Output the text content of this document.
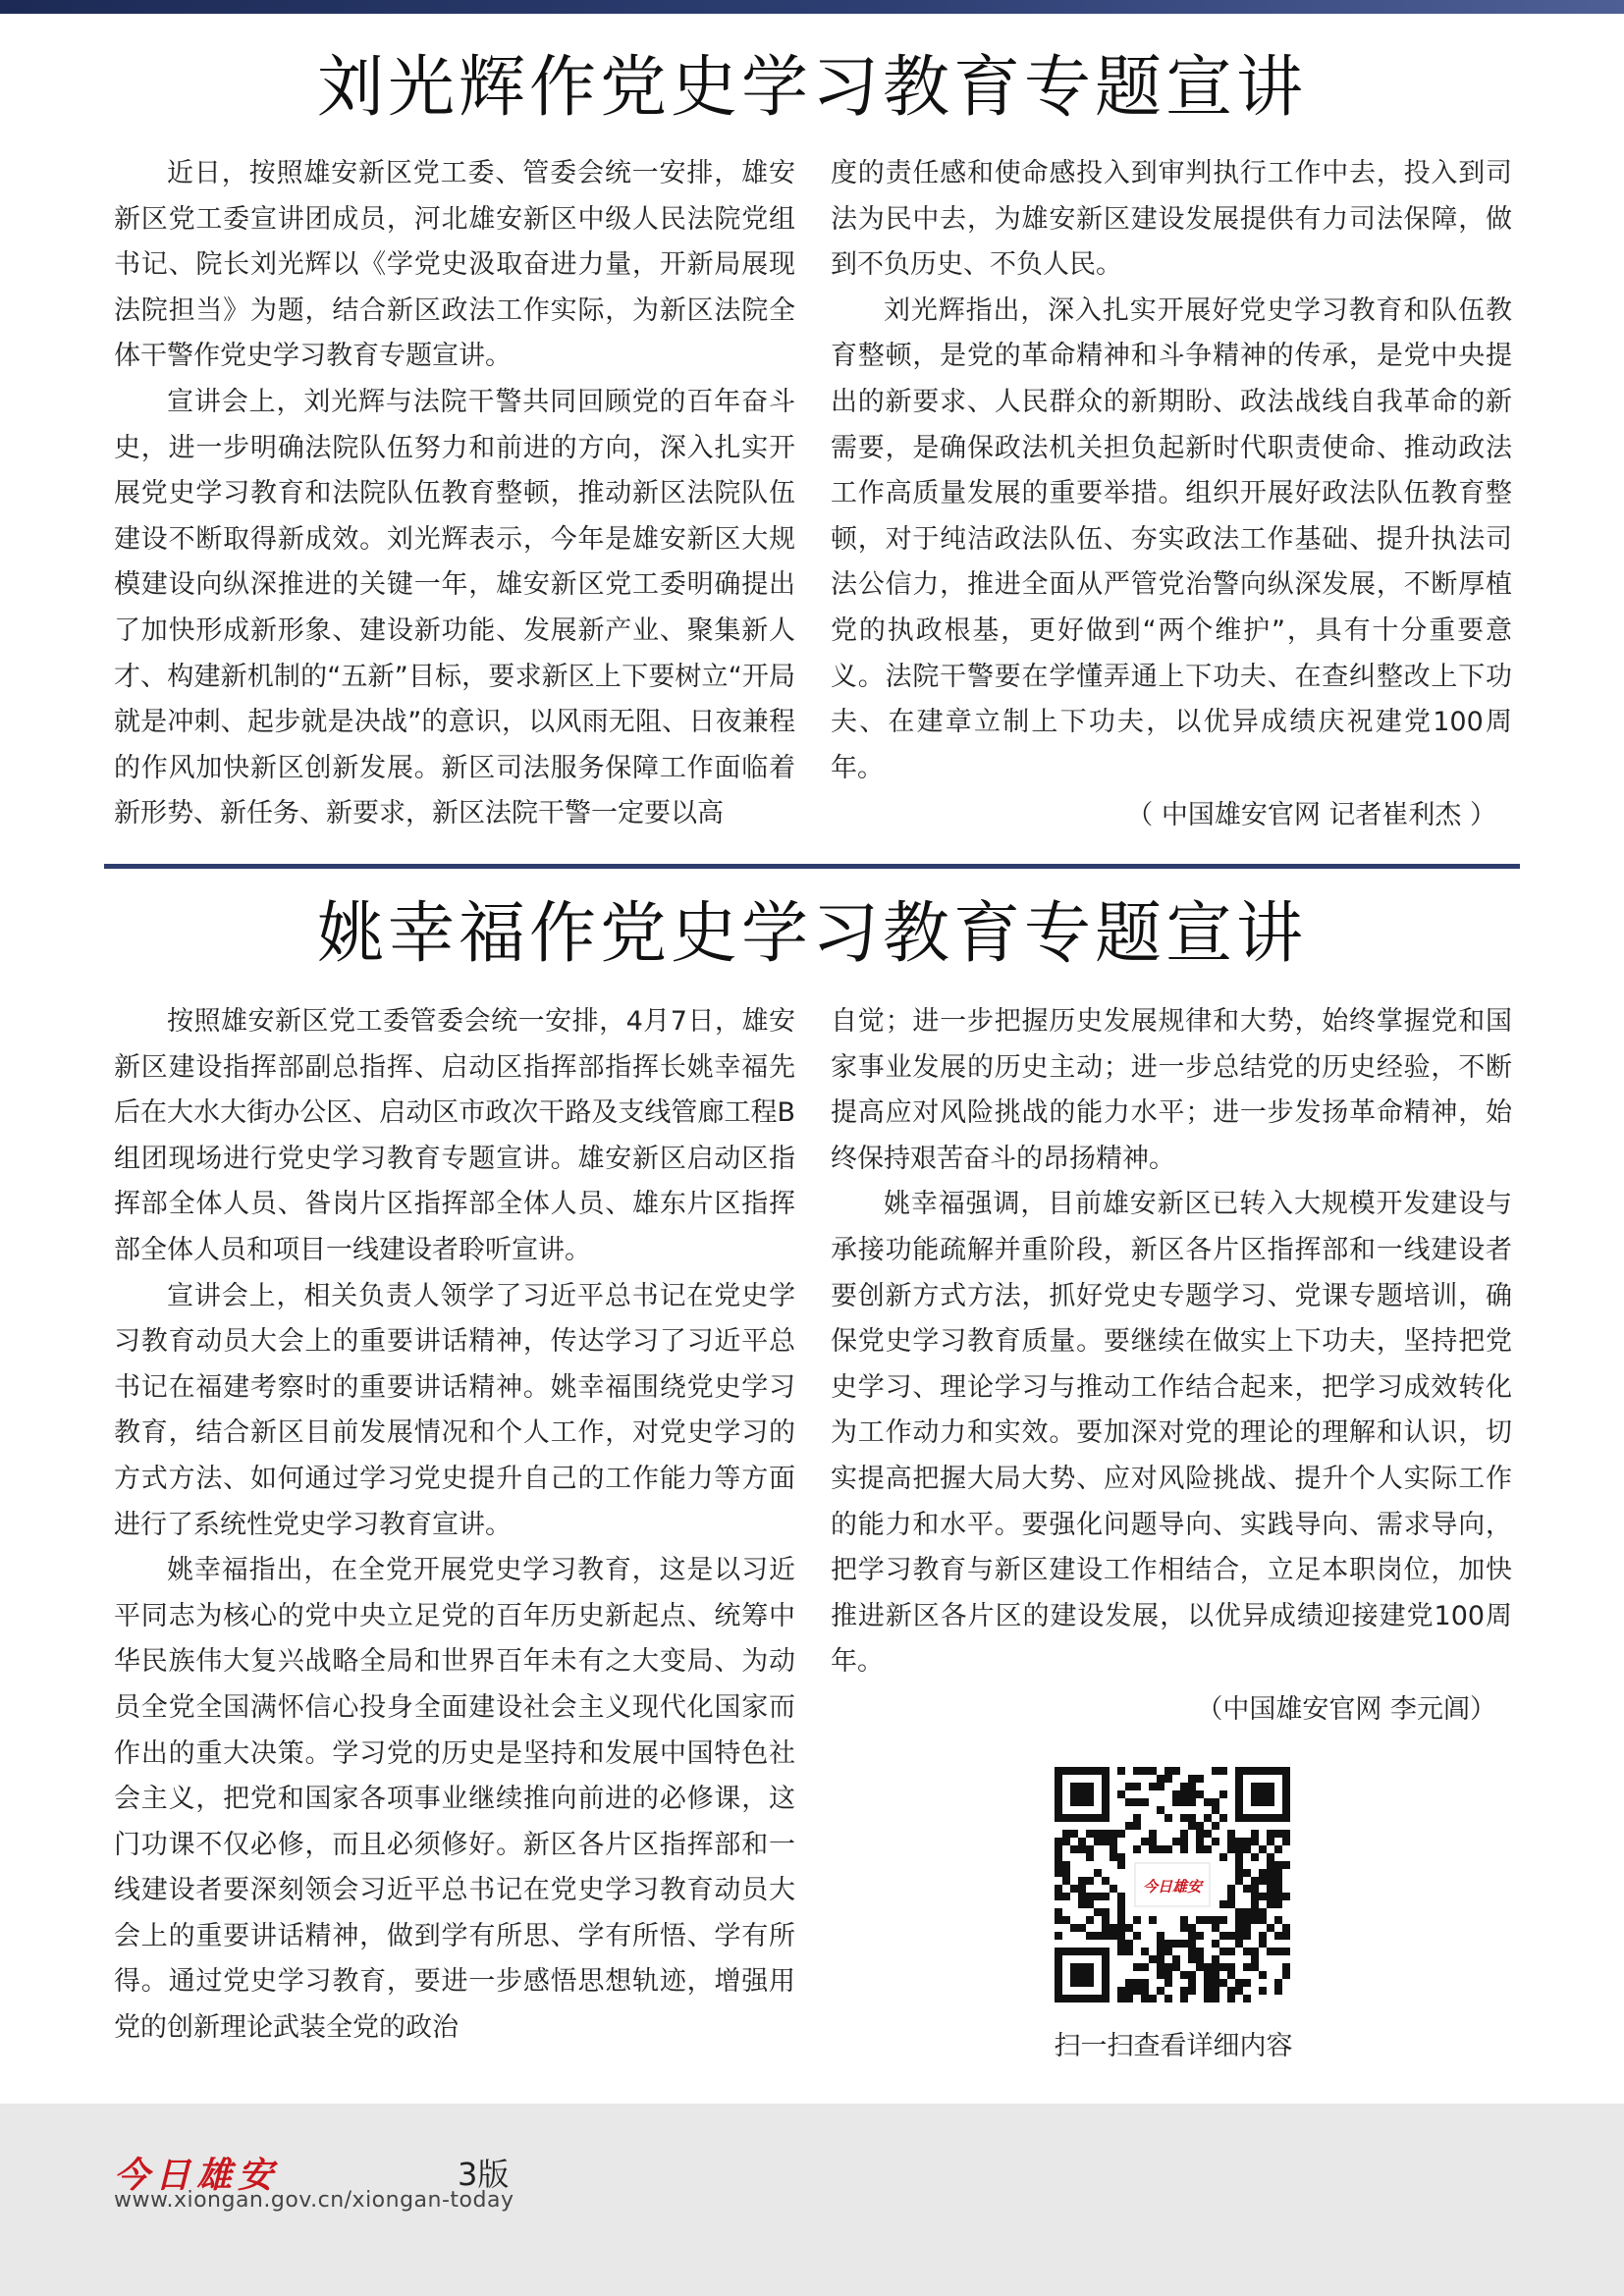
刘光辉作党史学习教育专题宣讲

近日，按照雄安新区党工委、管委会统一安排，雄安新区党工委宣讲团成员，河北雄安新区中级人民法院党组书记、院长刘光辉以《学党史汲取奋进力量，开新局展现法院担当》为题，结合新区政法工作实际，为新区法院全体干警作党史学习教育专题宣讲。

宣讲会上，刘光辉与法院干警共同回顾党的百年奋斗史，进一步明确法院队伍努力和前进的方向，深入扎实开展党史学习教育和法院队伍教育整顿，推动新区法院队伍建设不断取得新成效。刘光辉表示，今年是雄安新区大规模建设向纵深推进的关键一年，雄安新区党工委明确提出了加快形成新形象、建设新功能、发展新产业、聚集新人才、构建新机制的“五新”目标，要求新区上下要树立“开局就是冲刺、起步就是决战”的意识，以风雨无阻、日夜兼程的作风加快新区创新发展。新区司法服务保障工作面临着新形势、新任务、新要求，新区法院干警一定要以高

度的责任感和使命感投入到审判执行工作中去，投入到司法为民中去，为雄安新区建设发展提供有力司法保障，做到不负历史、不负人民。

刘光辉指出，深入扎实开展好党史学习教育和队伍教育整顿，是党的革命精神和斗争精神的传承，是党中央提出的新要求、人民群众的新期盼、政法战线自我革命的新需要，是确保政法机关担负起新时代职责使命、推动政法工作高质量发展的重要举措。组织开展好政法队伍教育整顿，对于纯洁政法队伍、夯实政法工作基础、提升执法司法公信力，推进全面从严管党治警向纵深发展，不断厚植党的执政根基，更好做到“两个维护”，具有十分重要意义。法院干警要在学懂弄通上下功夫、在查纠整改上下功夫、在建章立制上下功夫，以优异成绩庆祝建党100周年。

（ 中国雄安官网 记者崔利杰 ）

姚幸福作党史学习教育专题宣讲

按照雄安新区党工委管委会统一安排，4月7日，雄安新区建设指挥部副总指挥、启动区指挥部指挥长姚幸福先后在大水大街办公区、启动区市政次干路及支线管廊工程B组团现场进行党史学习教育专题宣讲。雄安新区启动区指挥部全体人员、昝岗片区指挥部全体人员、雄东片区指挥部全体人员和项目一线建设者聆听宣讲。

宣讲会上，相关负责人领学了习近平总书记在党史学习教育动员大会上的重要讲话精神，传达学习了习近平总书记在福建考察时的重要讲话精神。姚幸福围绕党史学习教育，结合新区目前发展情况和个人工作，对党史学习的方式方法、如何通过学习党史提升自己的工作能力等方面进行了系统性党史学习教育宣讲。

姚幸福指出，在全党开展党史学习教育，这是以习近平同志为核心的党中央立足党的百年历史新起点、统筹中华民族伟大复兴战略全局和世界百年未有之大变局、为动员全党全国满怀信心投身全面建设社会主义现代化国家而作出的重大决策。学习党的历史是坚持和发展中国特色社会主义，把党和国家各项事业继续推向前进的必修课，这门功课不仅必修，而且必须修好。新区各片区指挥部和一线建设者要深刻领会习近平总书记在党史学习教育动员大会上的重要讲话精神，做到学有所思、学有所悟、学有所得。通过党史学习教育，要进一步感悟思想轨迹，增强用党的创新理论武装全党的政治

自觉；进一步把握历史发展规律和大势，始终掌握党和国家事业发展的历史主动；进一步总结党的历史经验，不断提高应对风险挑战的能力水平；进一步发扬革命精神，始终保持艰苦奋斗的昂扬精神。

姚幸福强调，目前雄安新区已转入大规模开发建设与承接功能疏解并重阶段，新区各片区指挥部和一线建设者要创新方式方法，抓好党史专题学习、党课专题培训，确保党史学习教育质量。要继续在做实上下功夫，坚持把党史学习、理论学习与推动工作结合起来，把学习成效转化为工作动力和实效。要加深对党的理论的理解和认识，切实提高把握大局大势、应对风险挑战、提升个人实际工作的能力和水平。要强化问题导向、实践导向、需求导向，把学习教育与新区建设工作相结合，立足本职岗位，加快推进新区各片区的建设发展，以优异成绩迎接建党100周年。

（中国雄安官网 李元阊）

今日雄安
扫一扫查看详细内容
今日雄安	3版
www.xiongan.gov.cn/xiongan-today
